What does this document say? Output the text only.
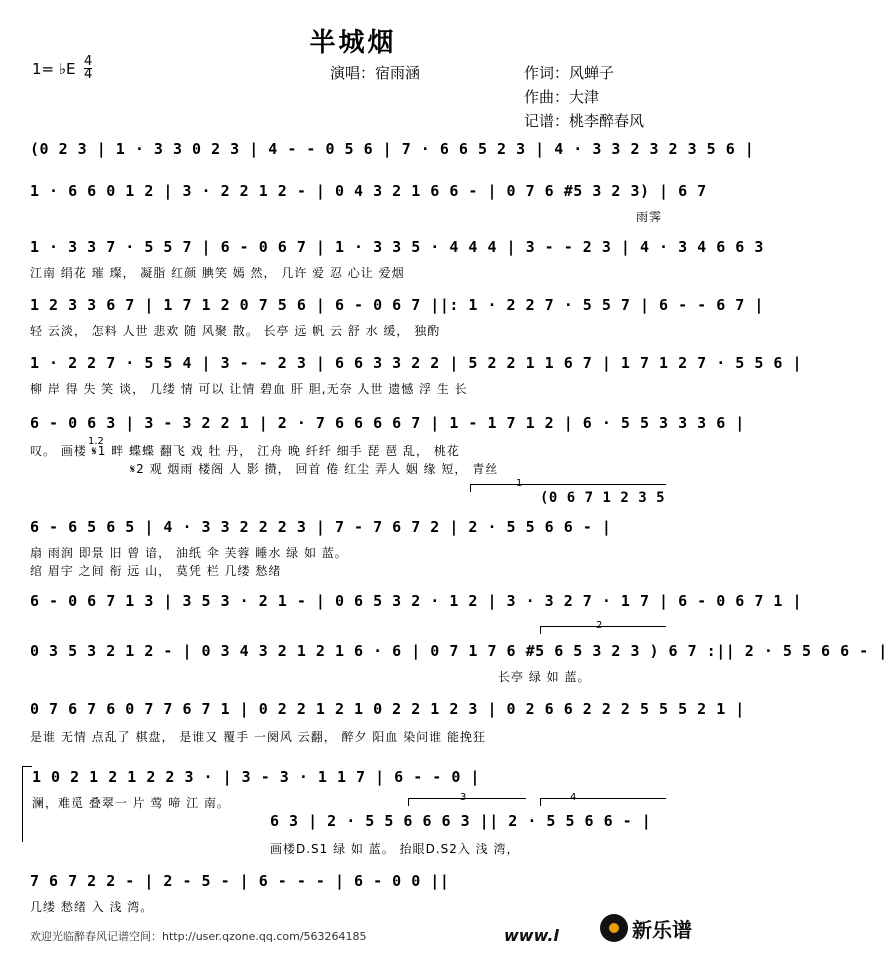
半城烟
1= ♭E $\frac{4}{4}$	演唱：宿雨涵	作词：风蝉子
作曲：大津
记谱：桃李醉春风
(0 2 3 | 1 · 3 3 0 2 3 | 4 - - 0 5 6 | 7 · 6 6 5 2 3 | 4 · 3 3 2 3 2 3 5 6 |
1 · 6 6 0 1 2 | 3 · 2 2 1 2 - | 0 4 3 2 1 6 6 - | 0 7 6 #5 3 2 3) | 6 7
雨霁
1 · 3 3 7 · 5 5 7 | 6 - 0 6 7 | 1 · 3 3 5 · 4 4 4 | 3 - - 2 3 | 4 · 3 4 6 6 3
江南 绢花 璀 璨， 凝脂 红颜 腆笑 嫣 然， 几许 爱 忍 心让 爱烟
1 2 3 3 6 7 | 1 7 1 2 0 7 5 6 | 6 - 0 6 7 ||: 1 · 2 2 7 · 5 5 7 | 6 - - 6 7 |
轻 云淡， 怎料 人世 悲欢 随 风聚 散。 长亭 远 帆 云 舒 水 缓， 独酌
1 · 2 2 7 · 5 5 4 | 3 - - 2 3 | 6 6 3 3 2 2 | 5 2 2 1 1 6 7 | 1 7 1 2 7 · 5 5 6 |
柳 岸 得 失 笑 谈， 几缕 情 可以 让情 碧血 肝 胆,无奈 人世 遗憾 浮 生 长
6 - 0 6 3 | 3 - 3 2 2 1 | 2 · 7 6 6 6 6 7 | 1 - 1 7 1 2 | 6 · 5 5 3 3 3 6 |
1.2
叹。 画楼 𝄋1 畔 蝶蝶 翻飞 戏 牡 丹， 江舟 晚 纤纤 细手 琵 琶 乱， 桃花
𝄋2 观 烟雨 楼阁 人 影 攒， 回首 倦 红尘 弄人 姻 缘 短， 青丝
1
(0 6 7 1 2 3 5
6 - 6 5 6 5 | 4 · 3 3 2 2 2 3 | 7 - 7 6 7 2 | 2 · 5 5 6 6 - |
扇 雨润 即景 旧 曾 谙， 油纸 伞 芙蓉 睡水 绿 如 蓝。
绾 眉宇 之间 衔 远 山， 莫凭 栏 几缕 愁绪
6 - 0 6 7 1 3 | 3 5 3 · 2 1 - | 0 6 5 3 2 · 1 2 | 3 · 3 2 7 · 1 7 | 6 - 0 6 7 1 |
2
0 3 5 3 2 1 2 - | 0 3 4 3 2 1 2 1 6 · 6 | 0 7 1 7 6 #5 6 5 3 2 3 ) 6 7 :|| 2 · 5 5 6 6 - |
长亭 绿 如 蓝。
0 7 6 7 6 0 7 7 6 7 1 | 0 2 2 1 2 1 0 2 2 1 2 3 | 0 2 6 6 2 2 2 5 5 5 2 1 |
是谁 无情 点乱了 棋盘， 是谁又 覆手 一阕风 云翻， 醉夕 阳血 染问谁 能挽狂
1 0 2 1 2 1 2 2 3 · | 3 - 3 · 1 1 7 | 6 - - 0 |
澜，难觅 叠翠一 片 莺 啼 江 南。	3	4
6 3 | 2 · 5 5 6 6 6 3 || 2 · 5 5 6 6 - |
画楼D.S1 绿 如 蓝。 抬眼D.S2入 浅 湾，
7 6 7 2 2 - | 2 - 5 - | 6 - - - | 6 - 0 0 ||
几缕 愁绪 入 浅 湾。
欢迎光临醉春风记谱空间：http://user.qzone.qq.com/563264185	www.l	新乐谱
